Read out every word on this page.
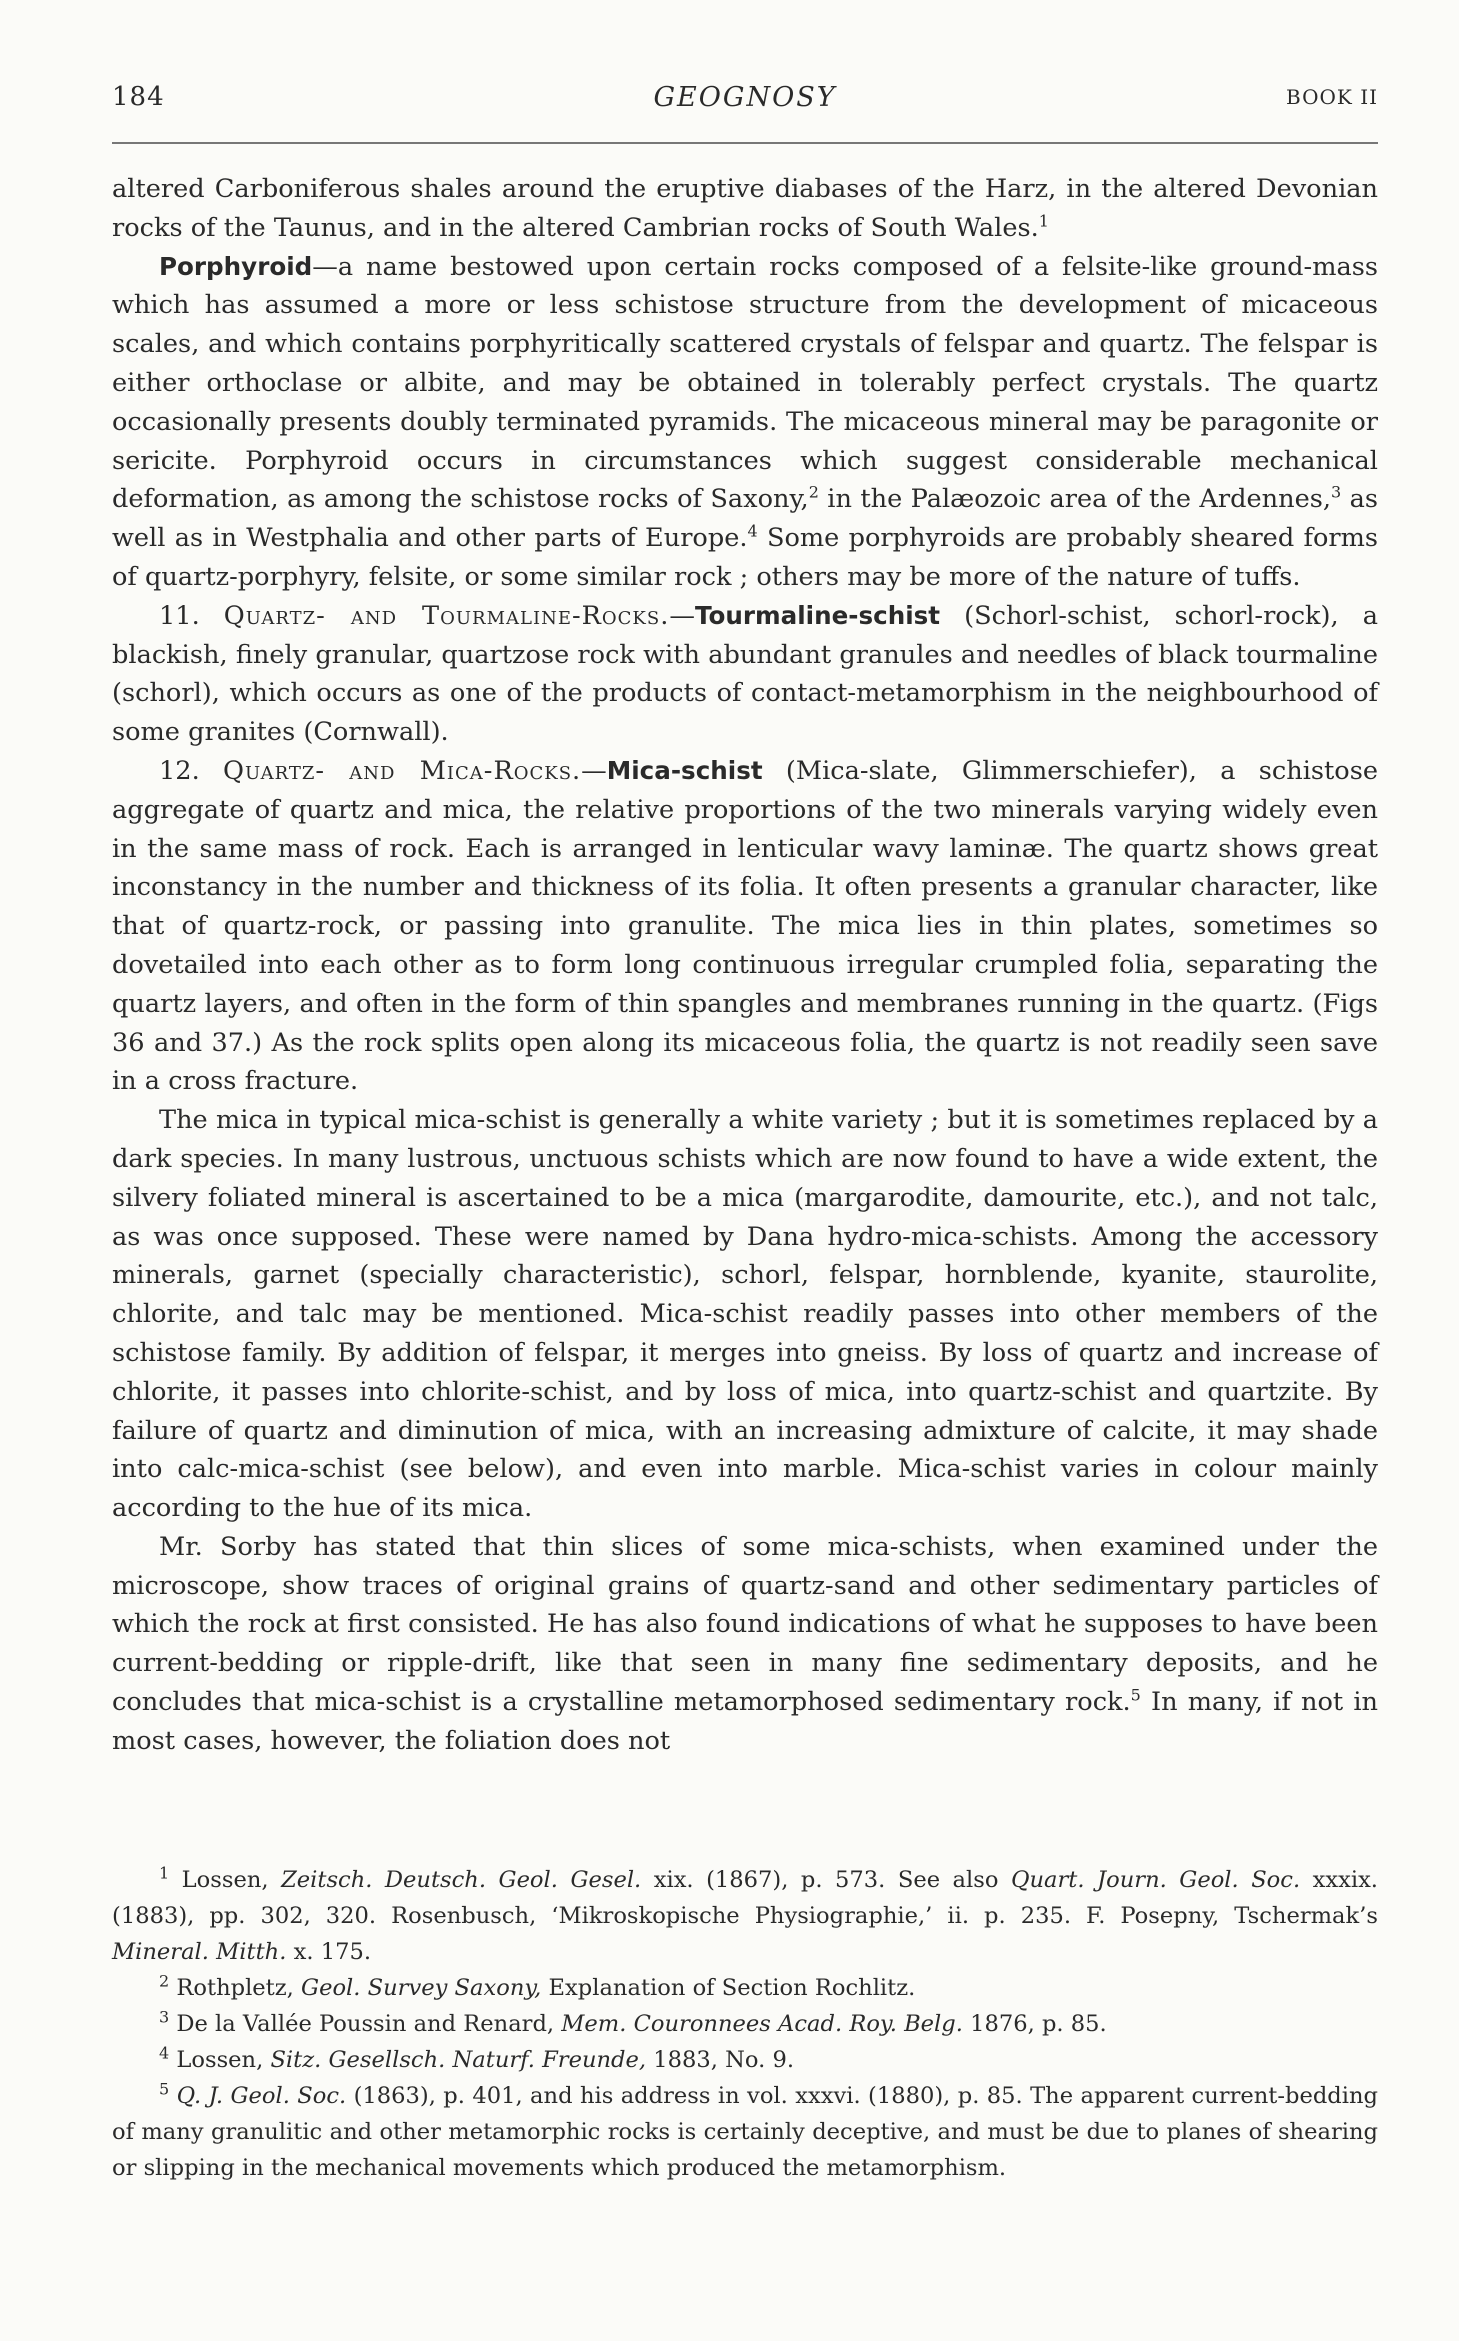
184	GEOGNOSY	BOOK II

altered Carboniferous shales around the eruptive diabases of the Harz, in the altered Devonian rocks of the Taunus, and in the altered Cambrian rocks of South Wales.$^1$

Porphyroid—a name bestowed upon certain rocks composed of a felsite-like ground-mass which has assumed a more or less schistose structure from the development of micaceous scales, and which contains porphyritically scattered crystals of felspar and quartz. The felspar is either orthoclase or albite, and may be obtained in tolerably perfect crystals. The quartz occasionally presents doubly terminated pyramids. The micaceous mineral may be paragonite or sericite. Porphyroid occurs in circumstances which suggest considerable mechanical deformation, as among the schistose rocks of Saxony,$^2$ in the Palæozoic area of the Ardennes,$^3$ as well as in Westphalia and other parts of Europe.$^4$ Some porphyroids are probably sheared forms of quartz-porphyry, felsite, or some similar rock ; others may be more of the nature of tuffs.

11. Quartz- and Tourmaline-Rocks.—Tourmaline-schist (Schorl-schist, schorl-rock), a blackish, finely granular, quartzose rock with abundant granules and needles of black tourmaline (schorl), which occurs as one of the products of contact-metamorphism in the neighbourhood of some granites (Cornwall).

12. Quartz- and Mica-Rocks.—Mica-schist (Mica-slate, Glimmerschiefer), a schistose aggregate of quartz and mica, the relative proportions of the two minerals varying widely even in the same mass of rock. Each is arranged in lenticular wavy laminæ. The quartz shows great inconstancy in the number and thickness of its folia. It often presents a granular character, like that of quartz-rock, or passing into granulite. The mica lies in thin plates, sometimes so dovetailed into each other as to form long continuous irregular crumpled folia, separating the quartz layers, and often in the form of thin spangles and membranes running in the quartz. (Figs 36 and 37.) As the rock splits open along its micaceous folia, the quartz is not readily seen save in a cross fracture.

The mica in typical mica-schist is generally a white variety ; but it is sometimes replaced by a dark species. In many lustrous, unctuous schists which are now found to have a wide extent, the silvery foliated mineral is ascertained to be a mica (margarodite, damourite, etc.), and not talc, as was once supposed. These were named by Dana hydro-mica-schists. Among the accessory minerals, garnet (specially characteristic), schorl, felspar, hornblende, kyanite, staurolite, chlorite, and talc may be mentioned. Mica-schist readily passes into other members of the schistose family. By addition of felspar, it merges into gneiss. By loss of quartz and increase of chlorite, it passes into chlorite-schist, and by loss of mica, into quartz-schist and quartzite. By failure of quartz and diminution of mica, with an increasing admixture of calcite, it may shade into calc-mica-schist (see below), and even into marble. Mica-schist varies in colour mainly according to the hue of its mica.

Mr. Sorby has stated that thin slices of some mica-schists, when examined under the microscope, show traces of original grains of quartz-sand and other sedimentary particles of which the rock at first consisted. He has also found indications of what he supposes to have been current-bedding or ripple-drift, like that seen in many fine sedimentary deposits, and he concludes that mica-schist is a crystalline metamorphosed sedimentary rock.$^5$ In many, if not in most cases, however, the foliation does not

$^1$ Lossen, Zeitsch. Deutsch. Geol. Gesel. xix. (1867), p. 573. See also Quart. Journ. Geol. Soc. xxxix. (1883), pp. 302, 320. Rosenbusch, ‘Mikroskopische Physiographie,’ ii. p. 235. F. Posepny, Tschermak’s Mineral. Mitth. x. 175.

$^2$ Rothpletz, Geol. Survey Saxony, Explanation of Section Rochlitz.

$^3$ De la Vallée Poussin and Renard, Mem. Couronnees Acad. Roy. Belg. 1876, p. 85.

$^4$ Lossen, Sitz. Gesellsch. Naturf. Freunde, 1883, No. 9.

$^5$ Q. J. Geol. Soc. (1863), p. 401, and his address in vol. xxxvi. (1880), p. 85. The apparent current-bedding of many granulitic and other metamorphic rocks is certainly deceptive, and must be due to planes of shearing or slipping in the mechanical movements which produced the metamorphism.
